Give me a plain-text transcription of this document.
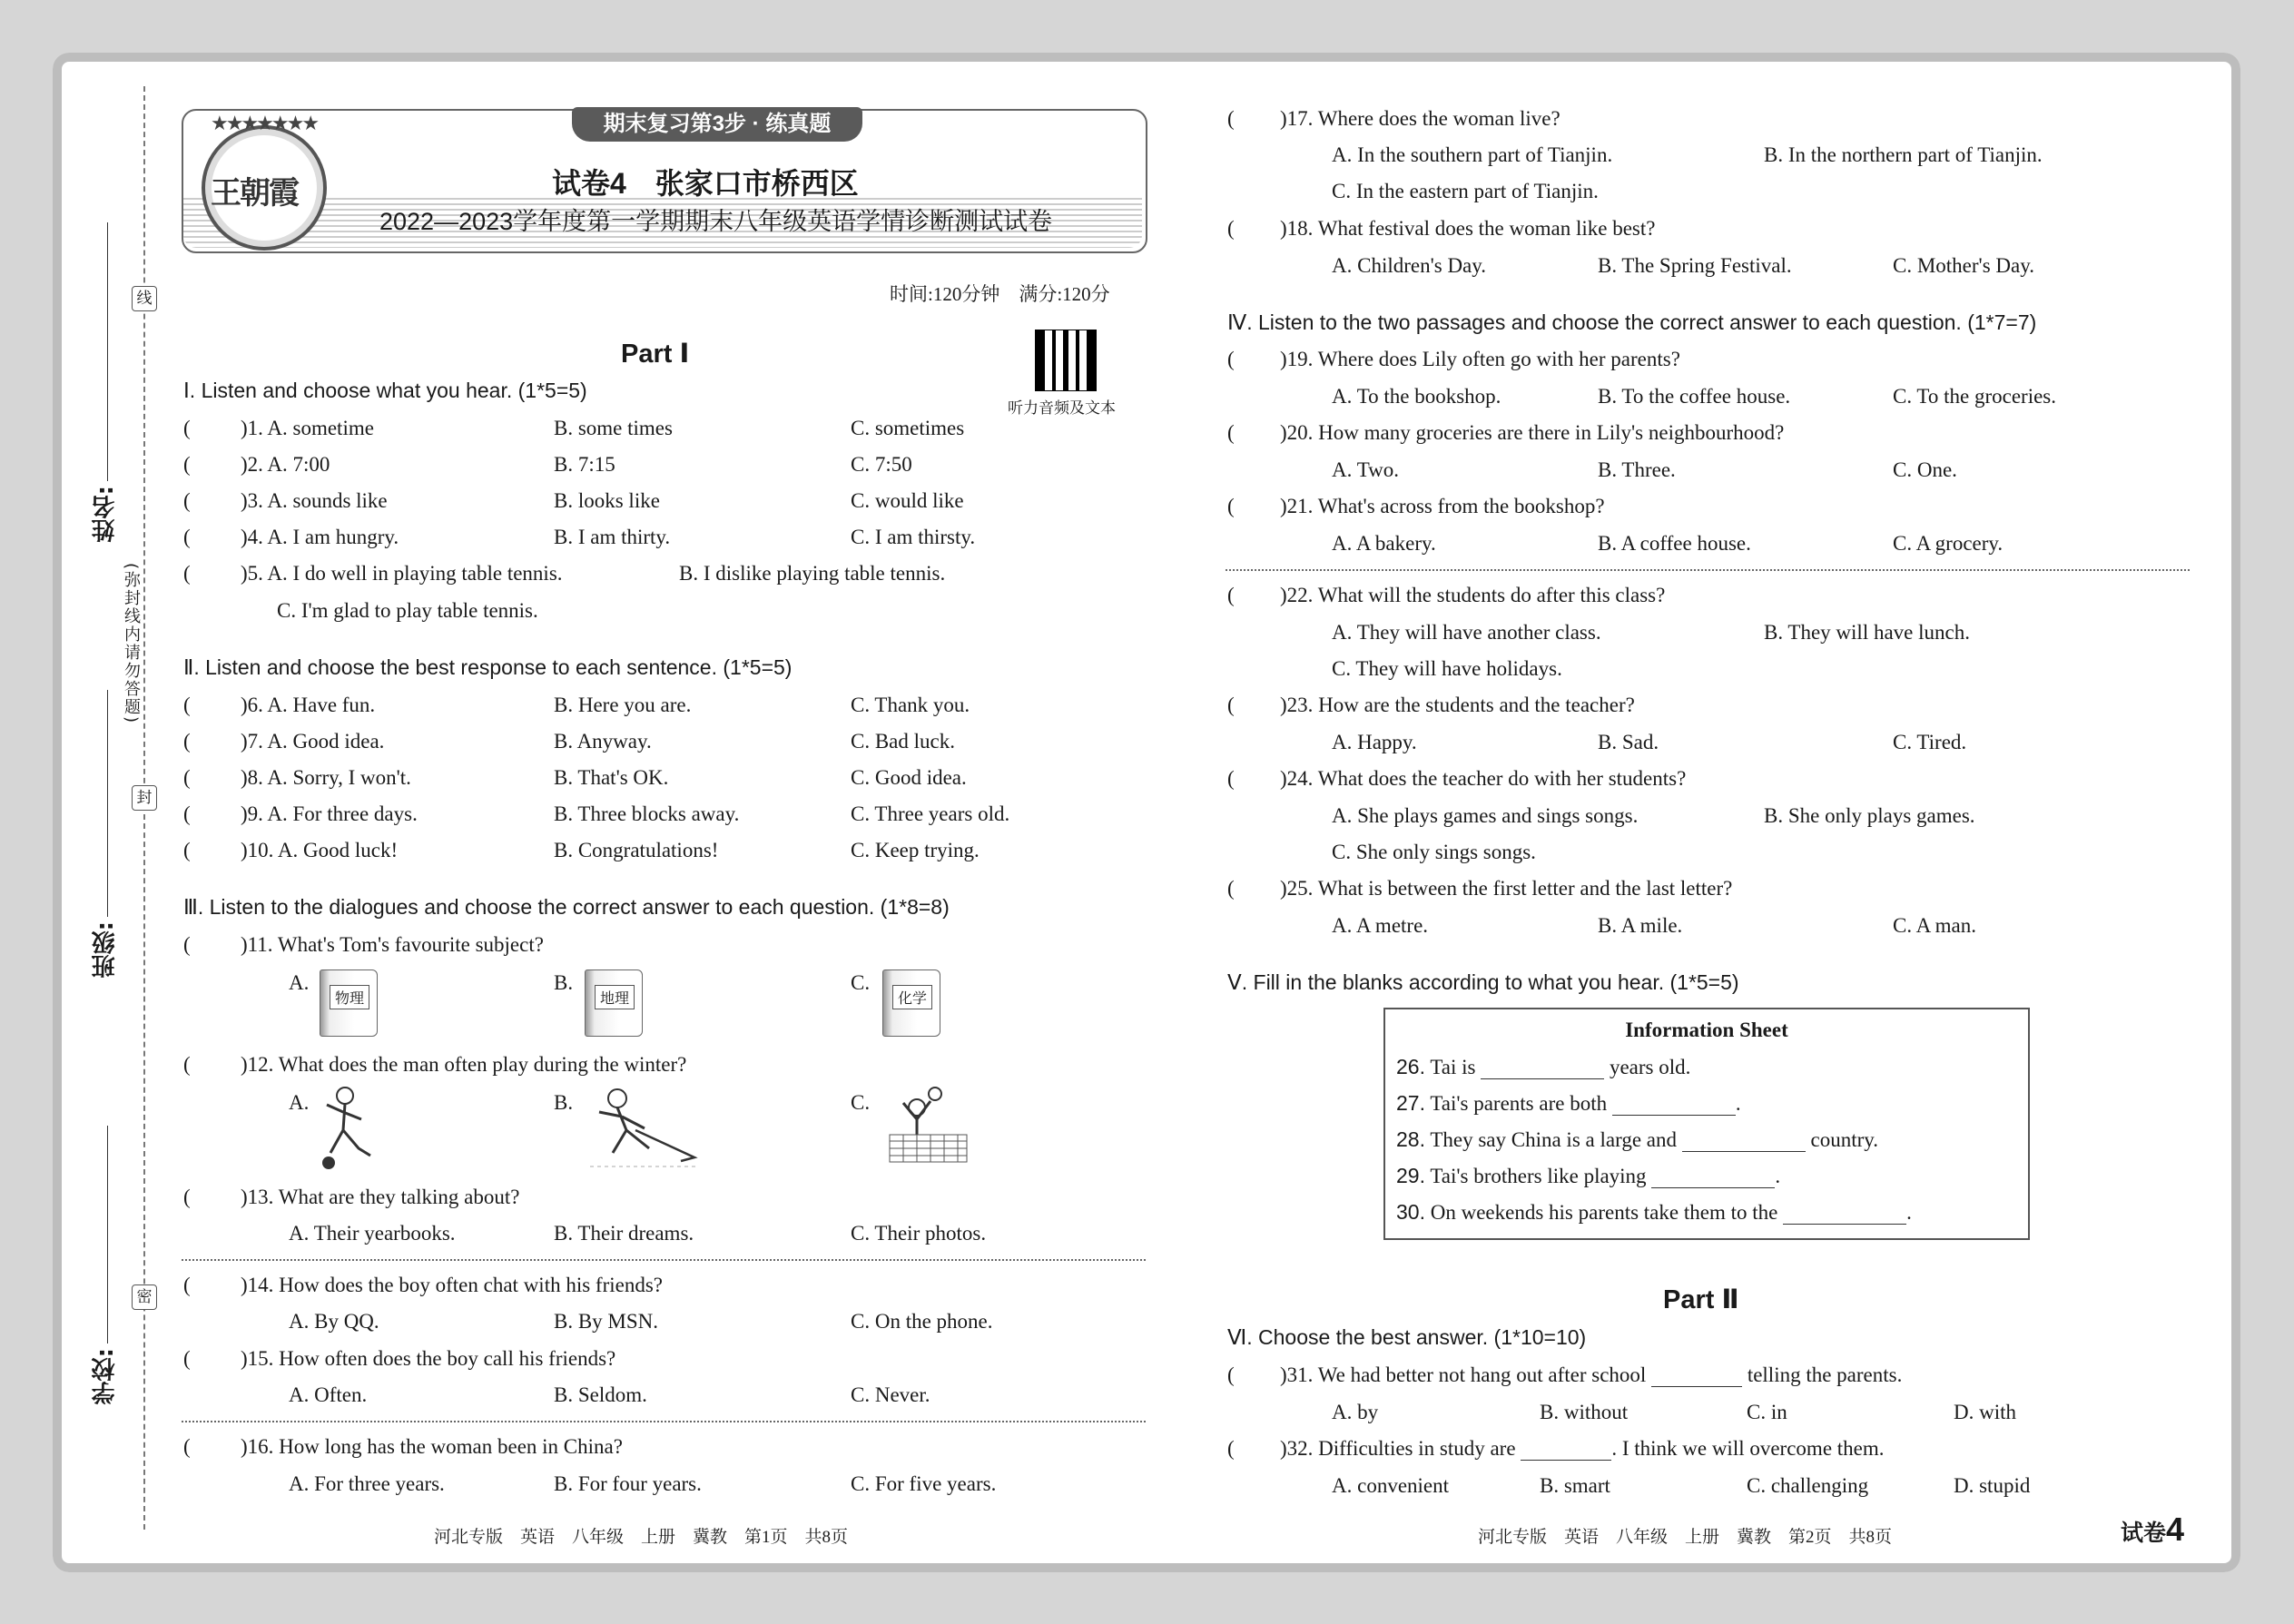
线
封
密
(弥封线内请勿答题)
姓名:
班级:
学校:
期末复习第3步 · 练真题
★★★★★★★
王朝霞	试卷4　张家口市桥西区
2022—2023学年度第一学期期末八年级英语学情诊断测试试卷
时间:120分钟　满分:120分
听力音频及文本
Part Ⅰ
Ⅰ. Listen and choose what you hear. (1*5=5)
( )1. A. sometime	B. some times	C. sometimes
( )2. A. 7:00	B. 7:15	C. 7:50
( )3. A. sounds like	B. looks like	C. would like
( )4. A. I am hungry.	B. I am thirty.	C. I am thirsty.
( )5. A. I do well in playing table tennis.	B. I dislike playing table tennis.
C. I'm glad to play table tennis.
Ⅱ. Listen and choose the best response to each sentence. (1*5=5)
( )6. A. Have fun.	B. Here you are.	C. Thank you.
( )7. A. Good idea.	B. Anyway.	C. Bad luck.
( )8. A. Sorry, I won't.	B. That's OK.	C. Good idea.
( )9. A. For three days.	B. Three blocks away.	C. Three years old.
( )10. A. Good luck!	B. Congratulations!	C. Keep trying.
Ⅲ. Listen to the dialogues and choose the correct answer to each question. (1*8=8)
( )11. What's Tom's favourite subject?
A.
物理
B.
地理
C.
化学
( )12. What does the man often play during the winter?
A.	B.	C.
( )13. What are they talking about?
A. Their yearbooks.	B. Their dreams.	C. Their photos.
( )14. How does the boy often chat with his friends?
A. By QQ.	B. By MSN.	C. On the phone.
( )15. How often does the boy call his friends?
A. Often.	B. Seldom.	C. Never.
( )16. How long has the woman been in China?
A. For three years.	B. For four years.	C. For five years.
河北专版　英语　八年级　上册　冀教　第1页　共8页
( )17. Where does the woman live?
A. In the southern part of Tianjin.	B. In the northern part of Tianjin.
C. In the eastern part of Tianjin.
( )18. What festival does the woman like best?
A. Children's Day.	B. The Spring Festival.	C. Mother's Day.
Ⅳ. Listen to the two passages and choose the correct answer to each question. (1*7=7)
( )19. Where does Lily often go with her parents?
A. To the bookshop.	B. To the coffee house.	C. To the groceries.
( )20. How many groceries are there in Lily's neighbourhood?
A. Two.	B. Three.	C. One.
( )21. What's across from the bookshop?
A. A bakery.	B. A coffee house.	C. A grocery.
( )22. What will the students do after this class?
A. They will have another class.	B. They will have lunch.
C. They will have holidays.
( )23. How are the students and the teacher?
A. Happy.	B. Sad.	C. Tired.
( )24. What does the teacher do with her students?
A. She plays games and sings songs.	B. She only plays games.
C. She only sings songs.
( )25. What is between the first letter and the last letter?
A. A metre.	B. A mile.	C. A man.
Ⅴ. Fill in the blanks according to what you hear. (1*5=5)
Information Sheet
26. Tai is	years old.
27. Tai's parents are both	.
28. They say China is a large and	country.
29. Tai's brothers like playing	.
30. On weekends his parents take them to the	.
Part Ⅱ
Ⅵ. Choose the best answer. (1*10=10)
( )31. We had better not hang out after school	telling the parents.
A. by	B. without	C. in	D. with
( )32. Difficulties in study are	. I think we will overcome them.
A. convenient	B. smart	C. challenging	D. stupid
河北专版　英语　八年级　上册　冀教　第2页　共8页	试卷4
